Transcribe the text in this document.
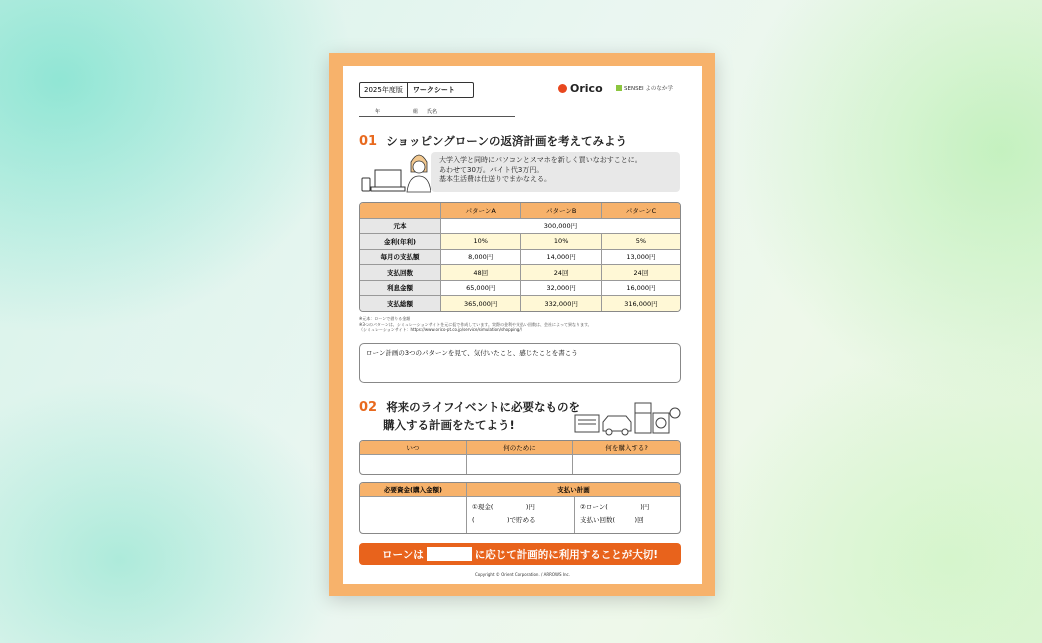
2025年度版	ワークシート
年	組 氏名
Orico	SENSEI よのなか学
01 ショッピングローンの返済計画を考えてみよう
大学入学と同時にパソコンとスマホを新しく買いなおすことに。
あわせて30万。バイト代3万円。
基本生活費は仕送りでまかなえる。
	パターンA	パターンB	パターンC
元本	300,000円		
金利(年利)	10%	10%	5%
毎月の支払額	8,000円	14,000円	13,000円
支払回数	48回	24回	24回
利息金額	65,000円	32,000円	16,000円
支払総額	365,000円	332,000円	316,000円
※元本：ローンで借りる金額
※3つのパターンは、シミュレーションサイトを元に仮で作成しています。実際の金利や支払い回数は、会社によって異なります。
（シミュレーションサイト：https://www.orico-pt.co.jp/service/simulation/shopping/）
ローン計画の3つのパターンを見て、気付いたこと、感じたことを書こう
02 将来のライフイベントに必要なものを
購入する計画をたてよう!
いつ	何のために	何を購入する?
必要資金(購入金額)	支払い計画
①現金(　　　　　)円
(　　　　　)で貯める
②ローン(　　　　　)円
支払い回数(　　　)回
ローンは	に応じて計画的に利用することが大切!
Copyright © Orient Corporation. / ARROWS Inc.
